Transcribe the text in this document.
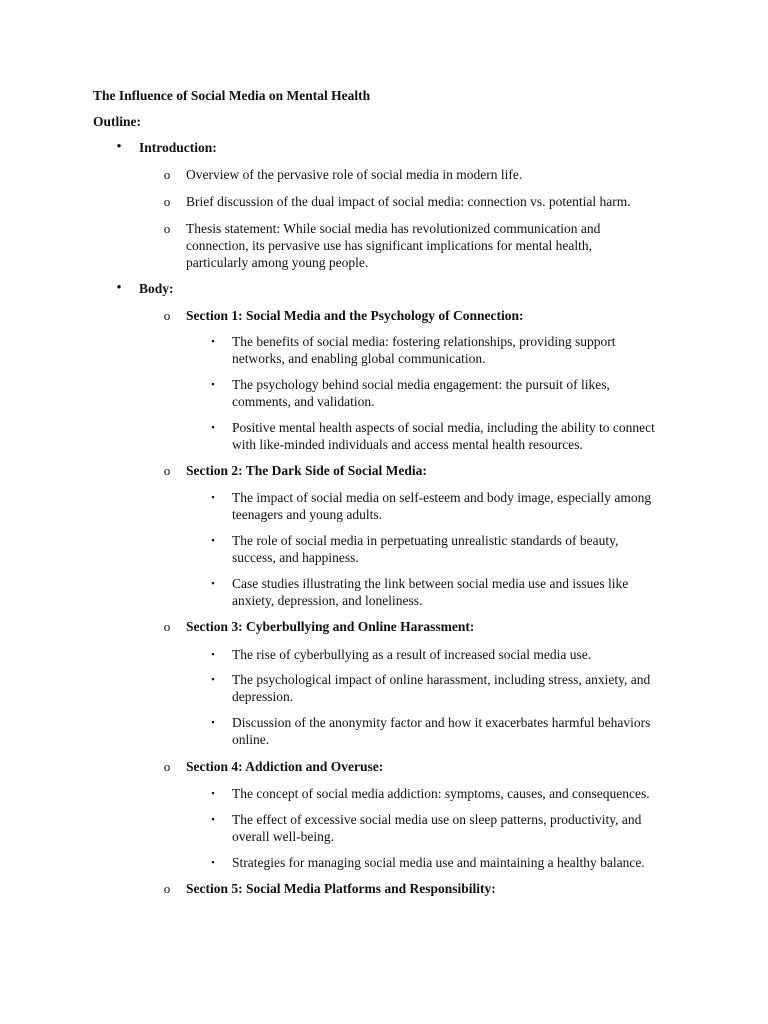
The Influence of Social Media on Mental Health
Outline:
•	Introduction:
o Overview of the pervasive role of social media in modern life.
o Brief discussion of the dual impact of social media: connection vs. potential harm.
o Thesis statement: While social media has revolutionized communication and connection, its pervasive use has significant implications for mental health, particularly among young people.
•	Body:
o Section 1: Social Media and the Psychology of Connection:
▪	The benefits of social media: fostering relationships, providing support networks, and enabling global communication.
▪	The psychology behind social media engagement: the pursuit of likes, comments, and validation.
▪	Positive mental health aspects of social media, including the ability to connect with like-minded individuals and access mental health resources.
o Section 2: The Dark Side of Social Media:
▪	The impact of social media on self-esteem and body image, especially among teenagers and young adults.
▪	The role of social media in perpetuating unrealistic standards of beauty, success, and happiness.
▪	Case studies illustrating the link between social media use and issues like anxiety, depression, and loneliness.
o Section 3: Cyberbullying and Online Harassment:
▪	The rise of cyberbullying as a result of increased social media use.
▪	The psychological impact of online harassment, including stress, anxiety, and depression.
▪	Discussion of the anonymity factor and how it exacerbates harmful behaviors online.
o Section 4: Addiction and Overuse:
▪	The concept of social media addiction: symptoms, causes, and consequences.
▪	The effect of excessive social media use on sleep patterns, productivity, and overall well-being.
▪	Strategies for managing social media use and maintaining a healthy balance.
o Section 5: Social Media Platforms and Responsibility:
